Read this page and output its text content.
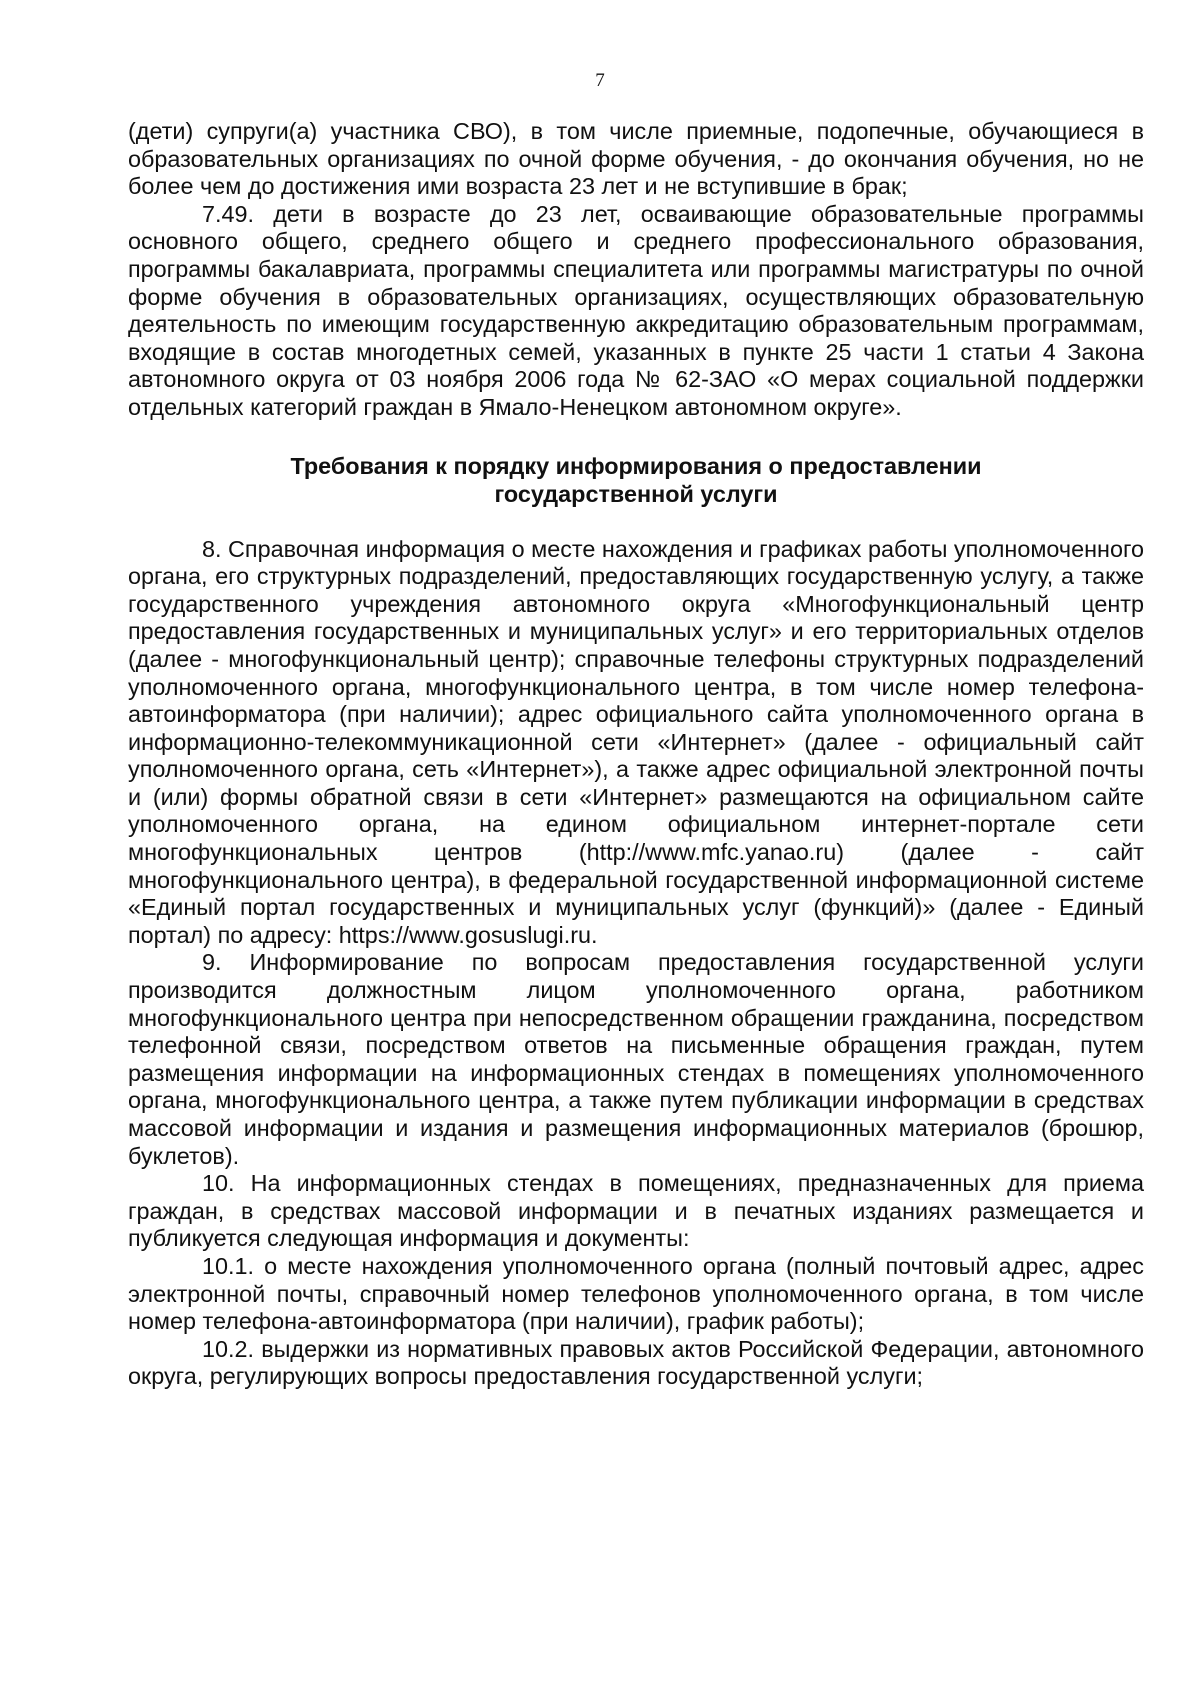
7

(дети) супруги(а) участника СВО), в том числе приемные, подопечные, обучающиеся в образовательных организациях по очной форме обучения, - до окончания обучения, но не более чем до достижения ими возраста 23 лет и не вступившие в брак;

7.49. дети в возрасте до 23 лет, осваивающие образовательные программы основного общего, среднего общего и среднего профессионального образования, программы бакалавриата, программы специалитета или программы магистратуры по очной форме обучения в образовательных организациях, осуществляющих образовательную деятельность по имеющим государственную аккредитацию образовательным программам, входящие в состав многодетных семей, указанных в пункте 25 части 1 статьи 4 Закона автономного округа от 03 ноября 2006 года № 62-ЗАО «О мерах социальной поддержки отдельных категорий граждан в Ямало-Ненецком автономном округе».

Требования к порядку информирования о предоставлении
государственной услуги

8. Справочная информация о месте нахождения и графиках работы уполномоченного органа, его структурных подразделений, предоставляющих государственную услугу, а также государственного учреждения автономного округа «Многофункциональный центр предоставления государственных и муниципальных услуг» и его территориальных отделов (далее - многофункциональный центр); справочные телефоны структурных подразделений уполномоченного органа, многофункционального центра, в том числе номер телефона-автоинформатора (при наличии); адрес официального сайта уполномоченного органа в информационно-телекоммуникационной сети «Интернет» (далее - официальный сайт уполномоченного органа, сеть «Интернет»), а также адрес официальной электронной почты и (или) формы обратной связи в сети «Интернет» размещаются на официальном сайте уполномоченного органа, на едином официальном интернет-портале сети многофункциональных центров (http://www.mfc.yanao.ru) (далее - сайт многофункционального центра), в федеральной государственной информационной системе «Единый портал государственных и муниципальных услуг (функций)» (далее - Единый портал) по адресу: https://www.gosuslugi.ru.

9. Информирование по вопросам предоставления государственной услуги производится должностным лицом уполномоченного органа, работником многофункционального центра при непосредственном обращении гражданина, посредством телефонной связи, посредством ответов на письменные обращения граждан, путем размещения информации на информационных стендах в помещениях уполномоченного органа, многофункционального центра, а также путем публикации информации в средствах массовой информации и издания и размещения информационных материалов (брошюр, буклетов).

10. На информационных стендах в помещениях, предназначенных для приема граждан, в средствах массовой информации и в печатных изданиях размещается и публикуется следующая информация и документы:

10.1. о месте нахождения уполномоченного органа (полный почтовый адрес, адрес электронной почты, справочный номер телефонов уполномоченного органа, в том числе номер телефона-автоинформатора (при наличии), график работы);

10.2. выдержки из нормативных правовых актов Российской Федерации, автономного округа, регулирующих вопросы предоставления государственной услуги;
